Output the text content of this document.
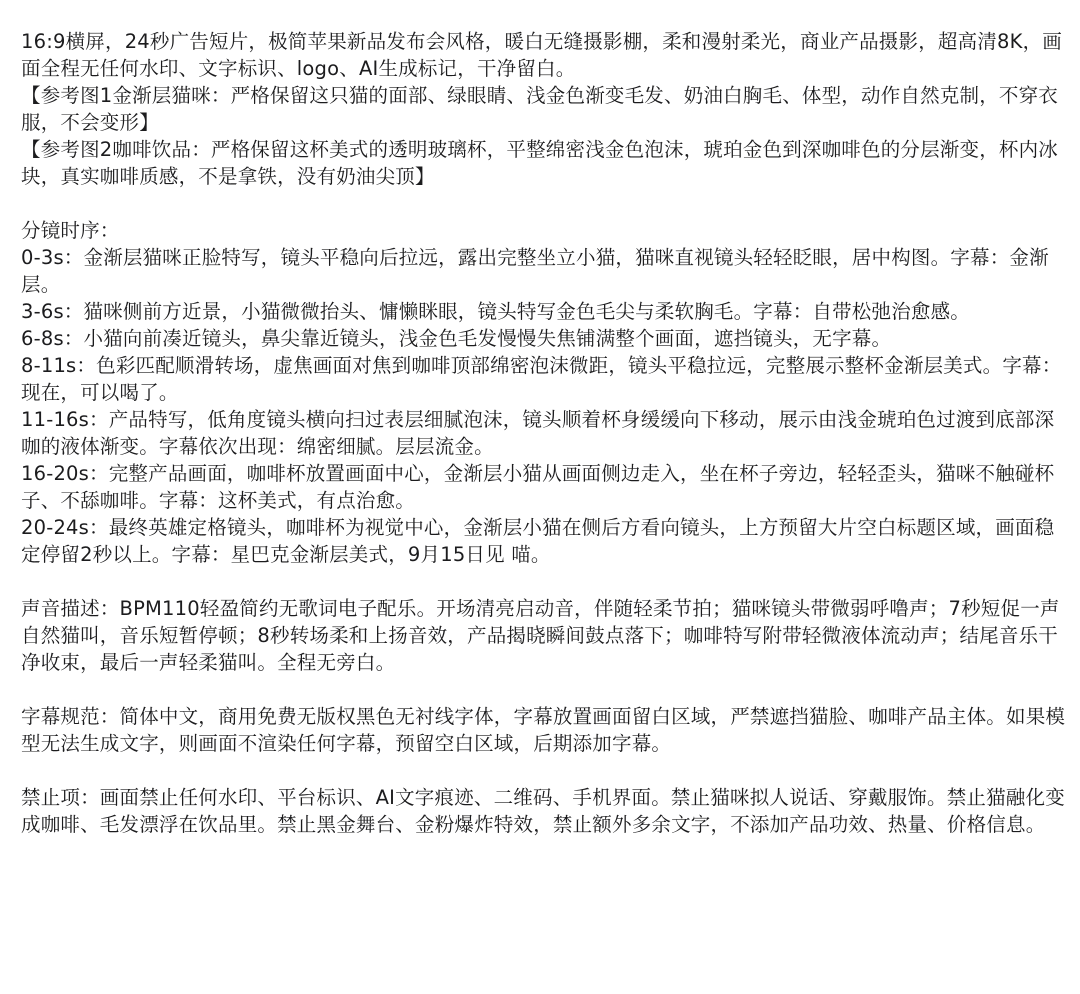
16:9横屏，24秒广告短片，极简苹果新品发布会风格，暖白无缝摄影棚，柔和漫射柔光，商业产品摄影，超高清8K，画面全程无任何水印、文字标识、logo、AI生成标记，干净留白。

【参考图1金渐层猫咪：严格保留这只猫的面部、绿眼睛、浅金色渐变毛发、奶油白胸毛、体型，动作自然克制，不穿衣服，不会变形】

【参考图2咖啡饮品：严格保留这杯美式的透明玻璃杯，平整绵密浅金色泡沫，琥珀金色到深咖啡色的分层渐变，杯内冰块，真实咖啡质感，不是拿铁，没有奶油尖顶】

分镜时序：

0-3s：金渐层猫咪正脸特写，镜头平稳向后拉远，露出完整坐立小猫，猫咪直视镜头轻轻眨眼，居中构图。字幕：金渐层。

3-6s：猫咪侧前方近景，小猫微微抬头、慵懒眯眼，镜头特写金色毛尖与柔软胸毛。字幕：自带松弛治愈感。

6-8s：小猫向前凑近镜头，鼻尖靠近镜头，浅金色毛发慢慢失焦铺满整个画面，遮挡镜头，无字幕。

8-11s：色彩匹配顺滑转场，虚焦画面对焦到咖啡顶部绵密泡沫微距，镜头平稳拉远，完整展示整杯金渐层美式。字幕：现在，可以喝了。

11-16s：产品特写，低角度镜头横向扫过表层细腻泡沫，镜头顺着杯身缓缓向下移动，展示由浅金琥珀色过渡到底部深咖的液体渐变。字幕依次出现：绵密细腻。层层流金。

16-20s：完整产品画面，咖啡杯放置画面中心，金渐层小猫从画面侧边走入，坐在杯子旁边，轻轻歪头，猫咪不触碰杯子、不舔咖啡。字幕：这杯美式，有点治愈。

20-24s：最终英雄定格镜头，咖啡杯为视觉中心，金渐层小猫在侧后方看向镜头，上方预留大片空白标题区域，画面稳定停留2秒以上。字幕：星巴克金渐层美式，9月15日见 喵。

声音描述：BPM110轻盈简约无歌词电子配乐。开场清亮启动音，伴随轻柔节拍；猫咪镜头带微弱呼噜声；7秒短促一声自然猫叫，音乐短暂停顿；8秒转场柔和上扬音效，产品揭晓瞬间鼓点落下；咖啡特写附带轻微液体流动声；结尾音乐干净收束，最后一声轻柔猫叫。全程无旁白。

字幕规范：简体中文，商用免费无版权黑色无衬线字体，字幕放置画面留白区域，严禁遮挡猫脸、咖啡产品主体。如果模型无法生成文字，则画面不渲染任何字幕，预留空白区域，后期添加字幕。

禁止项：画面禁止任何水印、平台标识、AI文字痕迹、二维码、手机界面。禁止猫咪拟人说话、穿戴服饰。禁止猫融化变成咖啡、毛发漂浮在饮品里。禁止黑金舞台、金粉爆炸特效，禁止额外多余文字，不添加产品功效、热量、价格信息。
